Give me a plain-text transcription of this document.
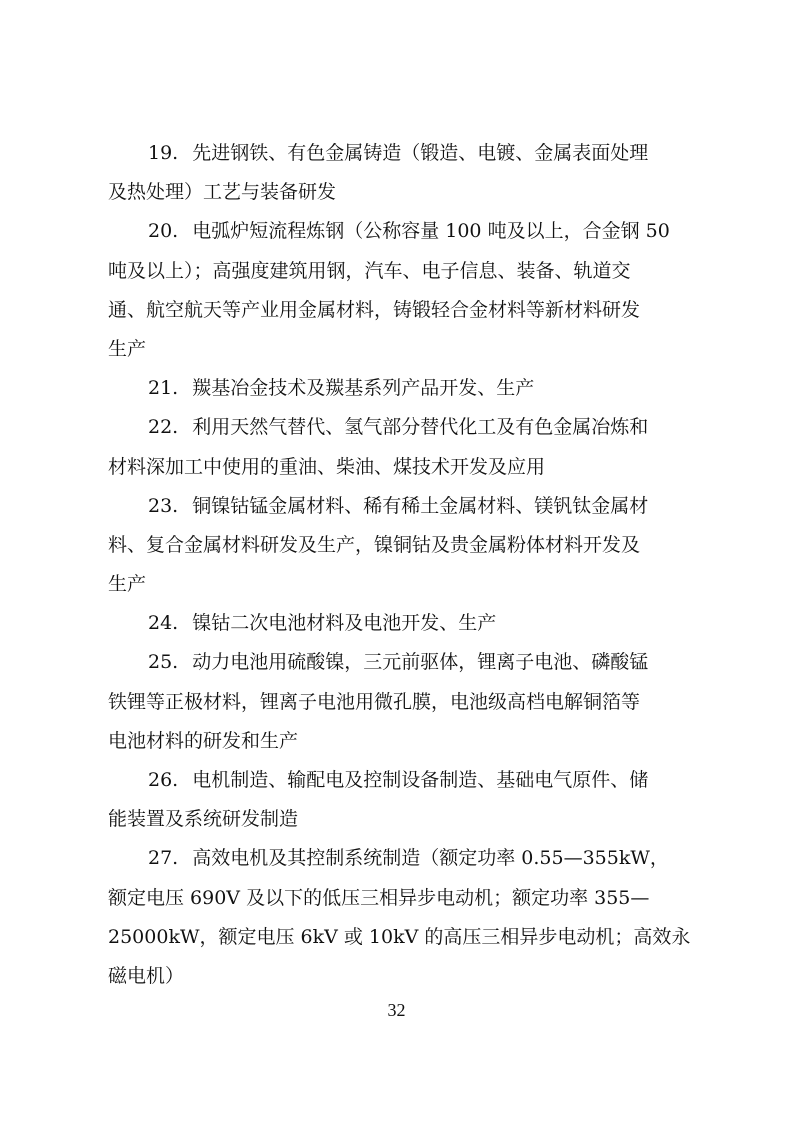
19. 先进钢铁、有色金属铸造（锻造、电镀、金属表面处理
及热处理）工艺与装备研发
20. 电弧炉短流程炼钢（公称容量 100 吨及以上，合金钢 50
吨及以上）；高强度建筑用钢，汽车、电子信息、装备、轨道交
通、航空航天等产业用金属材料，铸锻轻合金材料等新材料研发
生产
21. 羰基冶金技术及羰基系列产品开发、生产
22. 利用天然气替代、氢气部分替代化工及有色金属冶炼和
材料深加工中使用的重油、柴油、煤技术开发及应用
23. 铜镍钴锰金属材料、稀有稀土金属材料、镁钒钛金属材
料、复合金属材料研发及生产，镍铜钴及贵金属粉体材料开发及
生产
24. 镍钴二次电池材料及电池开发、生产
25. 动力电池用硫酸镍，三元前驱体，锂离子电池、磷酸锰
铁锂等正极材料，锂离子电池用微孔膜，电池级高档电解铜箔等
电池材料的研发和生产
26. 电机制造、输配电及控制设备制造、基础电气原件、储
能装置及系统研发制造
27. 高效电机及其控制系统制造（额定功率 0.55—355kW，
额定电压 690V 及以下的低压三相异步电动机；额定功率 355—
25000kW，额定电压 6kV 或 10kV 的高压三相异步电动机；高效永
磁电机）
32
